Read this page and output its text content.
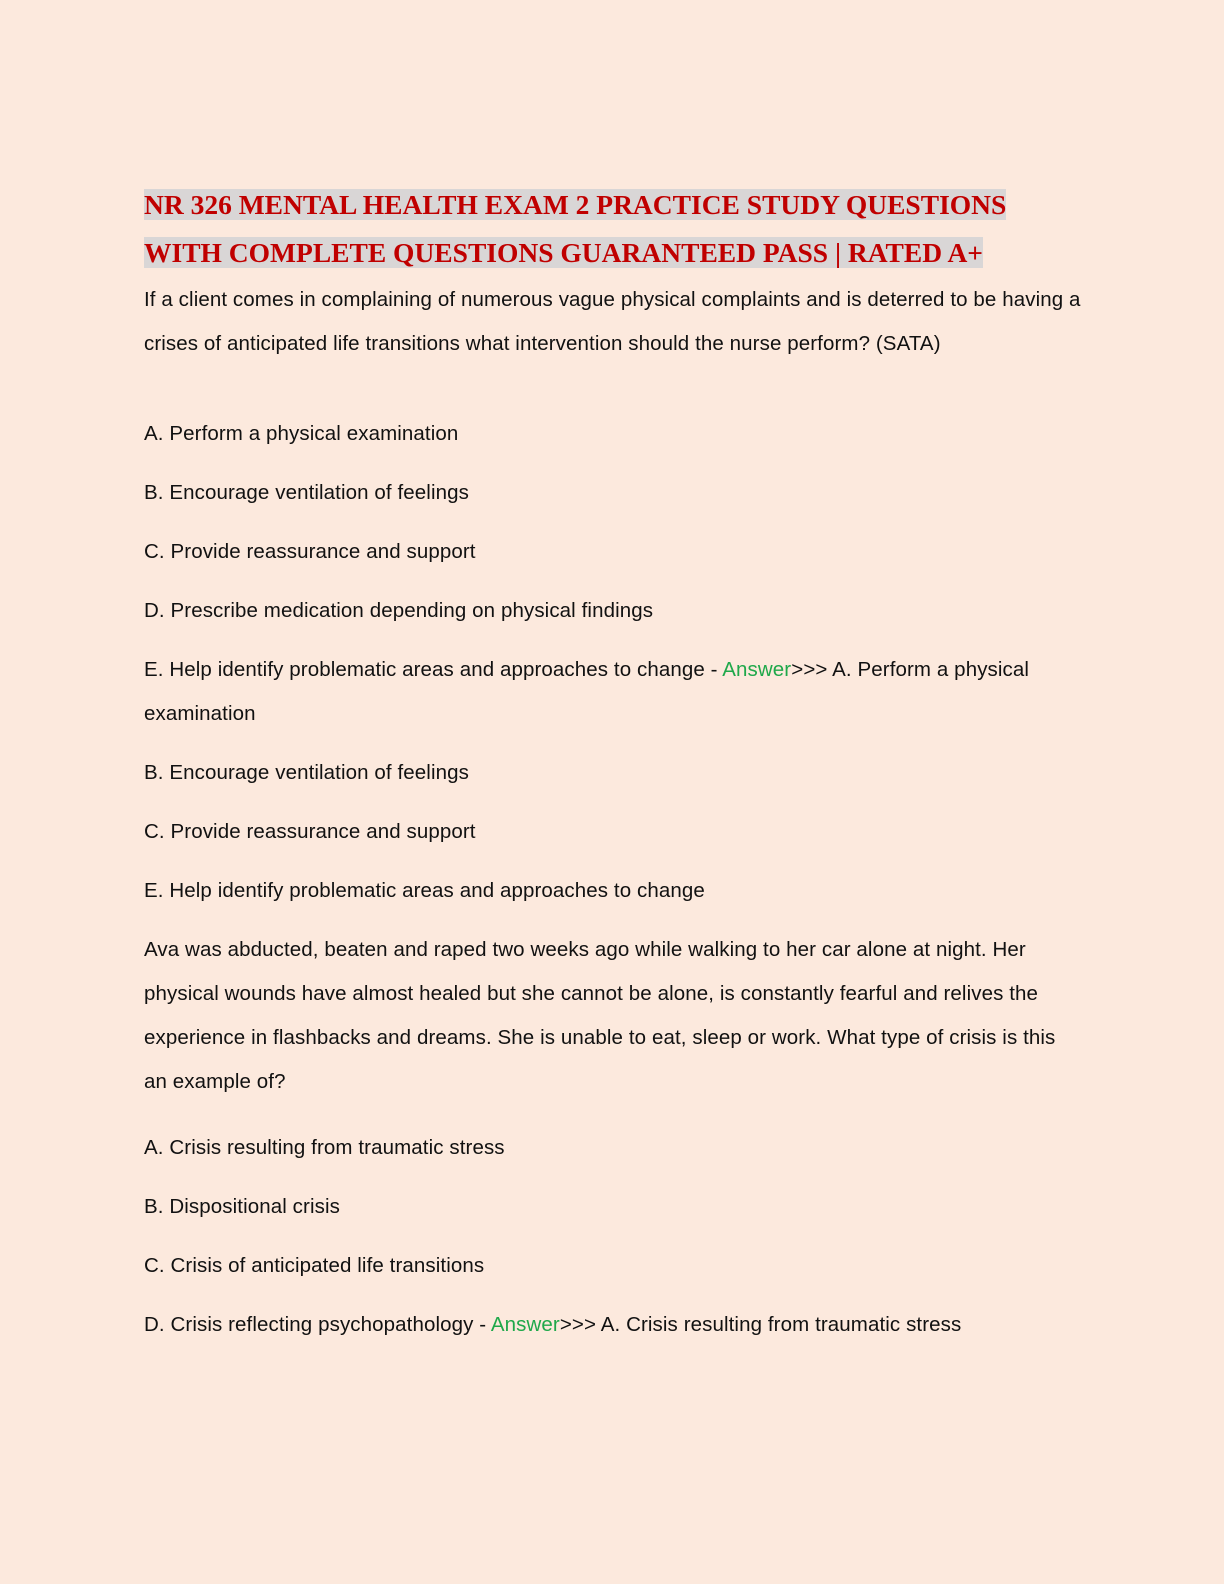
NR 326 MENTAL HEALTH EXAM 2 PRACTICE STUDY QUESTIONS
WITH COMPLETE QUESTIONS GUARANTEED PASS | RATED A+

If a client comes in complaining of numerous vague physical complaints and is deterred to be having a crises of anticipated life transitions what intervention should the nurse perform? (SATA)

A. Perform a physical examination

B. Encourage ventilation of feelings

C. Provide reassurance and support

D. Prescribe medication depending on physical findings

E. Help identify problematic areas and approaches to change - Answer>>> A. Perform a physical examination

B. Encourage ventilation of feelings

C. Provide reassurance and support

E. Help identify problematic areas and approaches to change

Ava was abducted, beaten and raped two weeks ago while walking to her car alone at night. Her physical wounds have almost healed but she cannot be alone, is constantly fearful and relives the experience in flashbacks and dreams. She is unable to eat, sleep or work. What type of crisis is this an example of?

A. Crisis resulting from traumatic stress

B. Dispositional crisis

C. Crisis of anticipated life transitions

D. Crisis reflecting psychopathology - Answer>>> A. Crisis resulting from traumatic stress
